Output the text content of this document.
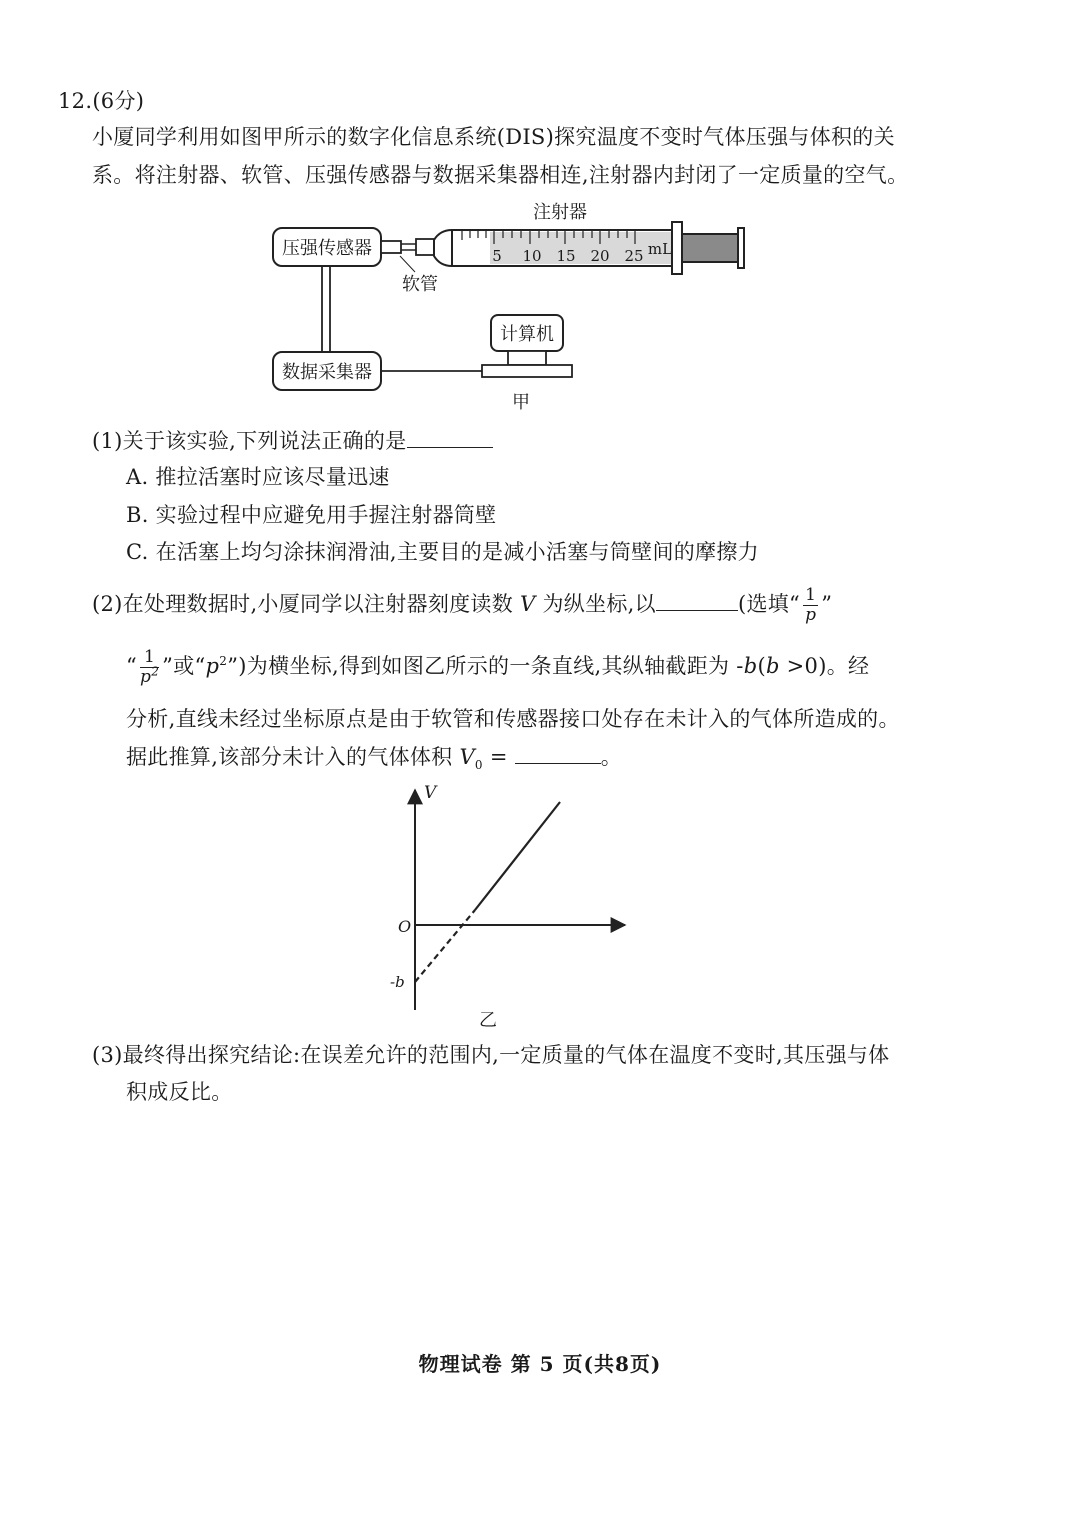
12.(6分)
小厦同学利用如图甲所示的数字化信息系统(DIS)探究温度不变时气体压强与体积的关
系。将注射器、软管、压强传感器与数据采集器相连,注射器内封闭了一定质量的空气。
注射器
压强传感器
软管
5 10 15 20 25 mL
数据采集器
计算机
甲
(1)关于该实验,下列说法正确的是
A. 推拉活塞时应该尽量迅速
B. 实验过程中应避免用手握注射器筒壁
C. 在活塞上均匀涂抹润滑油,主要目的是减小活塞与筒壁间的摩擦力
(2)在处理数据时,小厦同学以注射器刻度读数 V 为纵坐标,以	(选填“ $\frac{1}{p}$ ”
“ $\frac{1}{p^2}$ ”或“$p^2$”)为横坐标,得到如图乙所示的一条直线,其纵轴截距为 -b(b >0)。经
分析,直线未经过坐标原点是由于软管和传感器接口处存在未计入的气体所造成的。
据此推算,该部分未计入的气体体积 $V_0$ =	。
V
O
-b
乙
(3)最终得出探究结论:在误差允许的范围内,一定质量的气体在温度不变时,其压强与体
积成反比。
物理试卷 第 5 页(共8页)
